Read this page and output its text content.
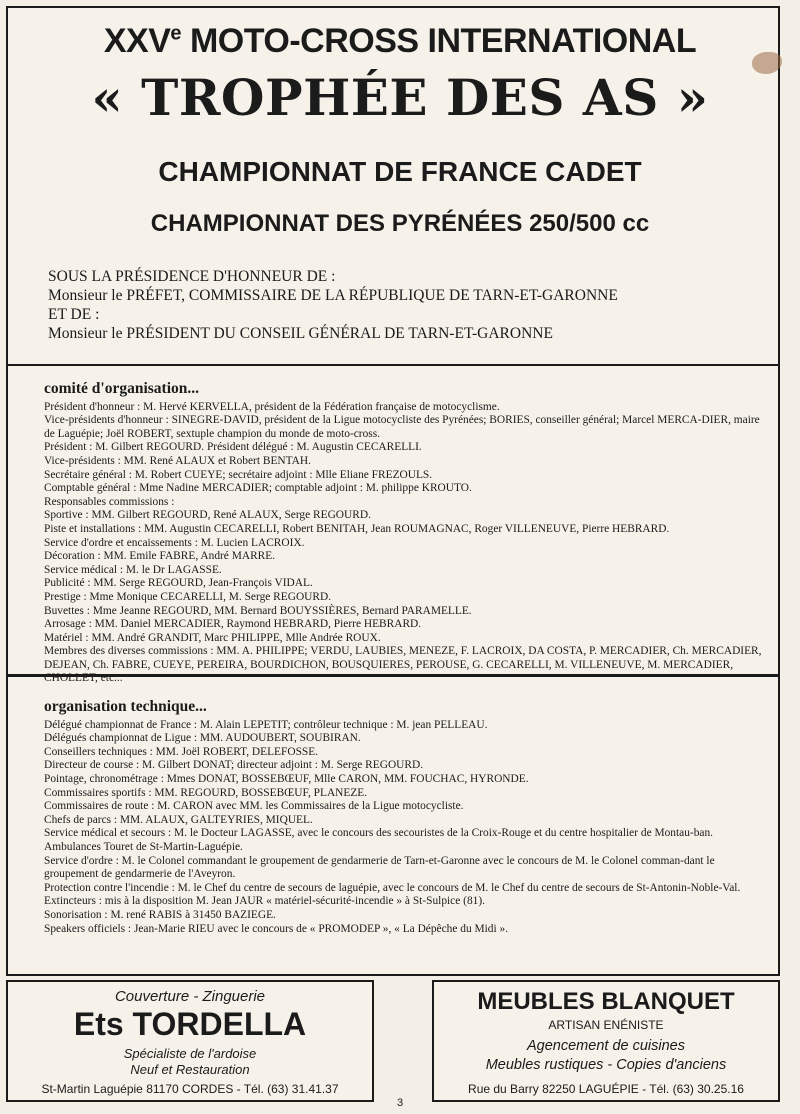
XXVe MOTO-CROSS INTERNATIONAL
« TROPHÉE DES AS »
CHAMPIONNAT DE FRANCE CADET
CHAMPIONNAT DES PYRÉNÉES 250/500 cc

SOUS LA PRÉSIDENCE D'HONNEUR DE :

Monsieur le PRÉFET, COMMISSAIRE DE LA RÉPUBLIQUE DE TARN-ET-GARONNE

ET DE :

Monsieur le PRÉSIDENT DU CONSEIL GÉNÉRAL DE TARN-ET-GARONNE

comité d'organisation...

Président d'honneur : M. Hervé KERVELLA, président de la Fédération française de motocyclisme.

Vice-présidents d'honneur : SINEGRE-DAVID, président de la Ligue motocycliste des Pyrénées; BORIES, conseiller général; Marcel MERCA-DIER, maire de Laguépie; Joël ROBERT, sextuple champion du monde de moto-cross.

Président : M. Gilbert REGOURD. Président délégué : M. Augustin CECARELLI.

Vice-présidents : MM. René ALAUX et Robert BENTAH.

Secrétaire général : M. Robert CUEYE; secrétaire adjoint : Mlle Eliane FREZOULS.

Comptable général : Mme Nadine MERCADIER; comptable adjoint : M. philippe KROUTO.

Responsables commissions :

Sportive : MM. Gilbert REGOURD, René ALAUX, Serge REGOURD.

Piste et installations : MM. Augustin CECARELLI, Robert BENITAH, Jean ROUMAGNAC, Roger VILLENEUVE, Pierre HEBRARD.

Service d'ordre et encaissements : M. Lucien LACROIX.

Décoration : MM. Emile FABRE, André MARRE.

Service médical : M. le Dr LAGASSE.

Publicité : MM. Serge REGOURD, Jean-François VIDAL.

Prestige : Mme Monique CECARELLI, M. Serge REGOURD.

Buvettes : Mme Jeanne REGOURD, MM. Bernard BOUYSSIÈRES, Bernard PARAMELLE.

Arrosage : MM. Daniel MERCADIER, Raymond HEBRARD, Pierre HEBRARD.

Matériel : MM. André GRANDIT, Marc PHILIPPE, Mlle Andrée ROUX.

Membres des diverses commissions : MM. A. PHILIPPE; VERDU, LAUBIES, MENEZE, F. LACROIX, DA COSTA, P. MERCADIER, Ch. MERCADIER, DEJEAN, Ch. FABRE, CUEYE, PEREIRA, BOURDICHON, BOUSQUIERES, PEROUSE, G. CECARELLI, M. VILLENEUVE, M. MERCADIER, CHOLLET, etc...

organisation technique...

Délégué championnat de France : M. Alain LEPETIT; contrôleur technique : M. jean PELLEAU.

Délégués championnat de Ligue : MM. AUDOUBERT, SOUBIRAN.

Conseillers techniques : MM. Joël ROBERT, DELEFOSSE.

Directeur de course : M. Gilbert DONAT; directeur adjoint : M. Serge REGOURD.

Pointage, chronométrage : Mmes DONAT, BOSSEBŒUF, Mlle CARON, MM. FOUCHAC, HYRONDE.

Commissaires sportifs : MM. REGOURD, BOSSEBŒUF, PLANEZE.

Commissaires de route : M. CARON avec MM. les Commissaires de la Ligue motocycliste.

Chefs de parcs : MM. ALAUX, GALTEYRIES, MIQUEL.

Service médical et secours : M. le Docteur LAGASSE, avec le concours des secouristes de la Croix-Rouge et du centre hospitalier de Montau-ban. Ambulances Touret de St-Martin-Laguépie.

Service d'ordre : M. le Colonel commandant le groupement de gendarmerie de Tarn-et-Garonne avec le concours de M. le Colonel comman-dant le groupement de gendarmerie de l'Aveyron.

Protection contre l'incendie : M. le Chef du centre de secours de laguépie, avec le concours de M. le Chef du centre de secours de St-Antonin-Noble-Val.

Extincteurs : mis à la disposition M. Jean JAUR « matériel-sécurité-incendie » à St-Sulpice (81).

Sonorisation : M. rené RABIS à 31450 BAZIEGE.

Speakers officiels : Jean-Marie RIEU avec le concours de « PROMODEP », « La Dépêche du Midi ».

Couverture - Zinguerie
Ets TORDELLA
Spécialiste de l'ardoise
Neuf et Restauration
St-Martin Laguépie 81170 CORDES - Tél. (63) 31.41.37
MEUBLES BLANQUET
ARTISAN ENÉNISTE
Agencement de cuisines
Meubles rustiques - Copies d'anciens
Rue du Barry 82250 LAGUÉPIE - Tél. (63) 30.25.16
3
